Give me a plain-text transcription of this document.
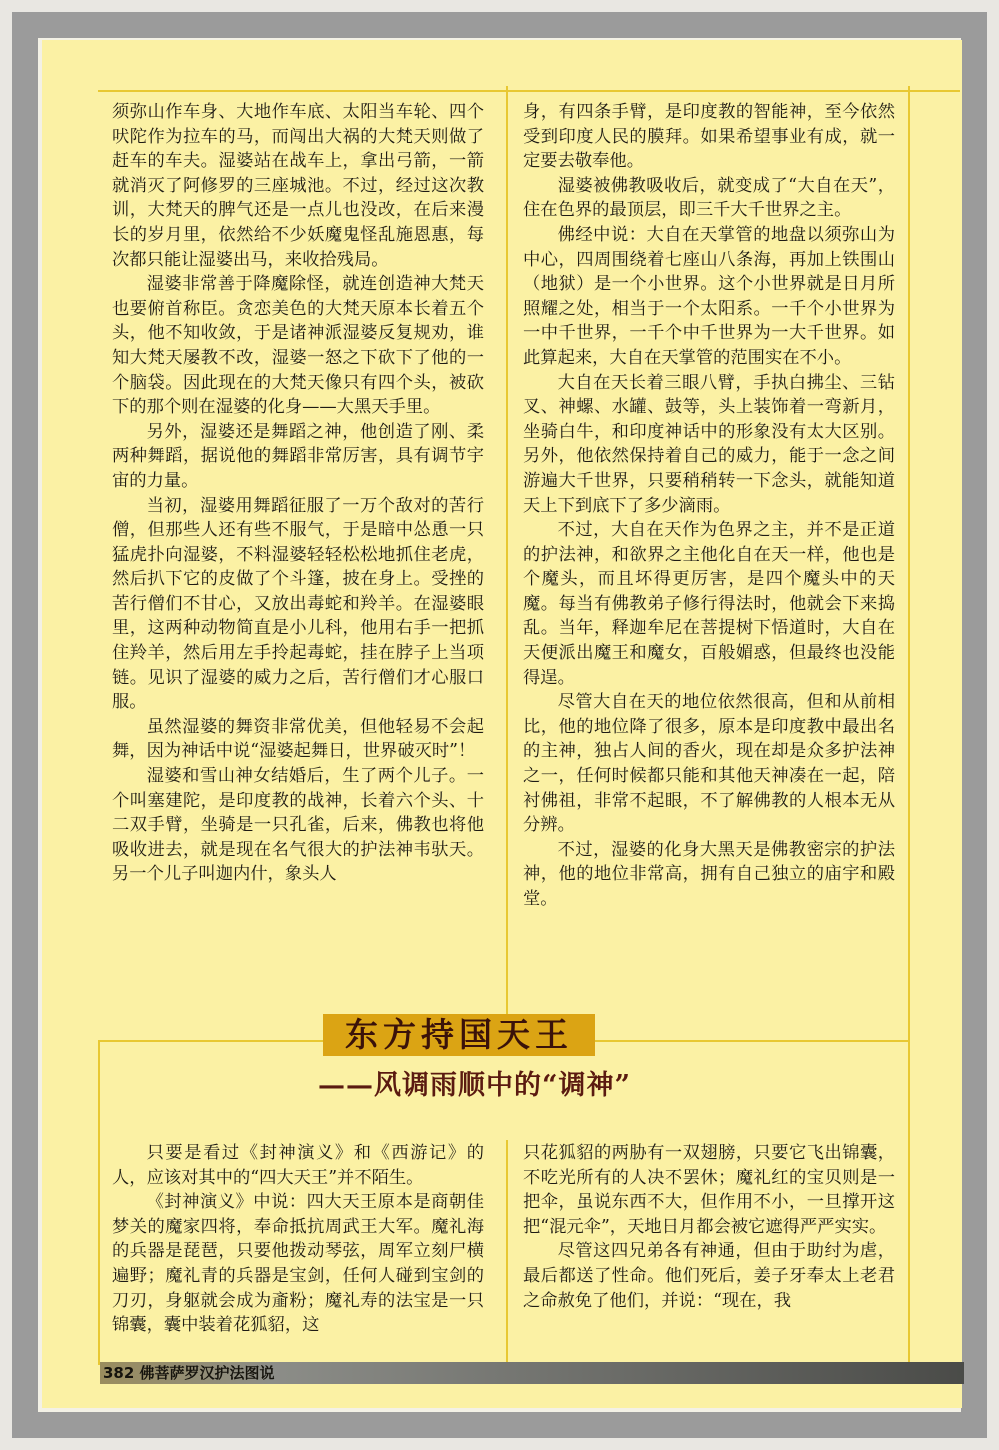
须弥山作车身、大地作车底、太阳当车轮、四个吠陀作为拉车的马，而闯出大祸的大梵天则做了赶车的车夫。湿婆站在战车上，拿出弓箭，一箭就消灭了阿修罗的三座城池。不过，经过这次教训，大梵天的脾气还是一点儿也没改，在后来漫长的岁月里，依然给不少妖魔鬼怪乱施恩惠，每次都只能让湿婆出马，来收拾残局。

湿婆非常善于降魔除怪，就连创造神大梵天也要俯首称臣。贪恋美色的大梵天原本长着五个头，他不知收敛，于是诸神派湿婆反复规劝，谁知大梵天屡教不改，湿婆一怒之下砍下了他的一个脑袋。因此现在的大梵天像只有四个头，被砍下的那个则在湿婆的化身——大黑天手里。

另外，湿婆还是舞蹈之神，他创造了刚、柔两种舞蹈，据说他的舞蹈非常厉害，具有调节宇宙的力量。

当初，湿婆用舞蹈征服了一万个敌对的苦行僧，但那些人还有些不服气，于是暗中怂恿一只猛虎扑向湿婆，不料湿婆轻轻松松地抓住老虎，然后扒下它的皮做了个斗篷，披在身上。受挫的苦行僧们不甘心，又放出毒蛇和羚羊。在湿婆眼里，这两种动物简直是小儿科，他用右手一把抓住羚羊，然后用左手拎起毒蛇，挂在脖子上当项链。见识了湿婆的威力之后，苦行僧们才心服口服。

虽然湿婆的舞资非常优美，但他轻易不会起舞，因为神话中说“湿婆起舞日，世界破灭时”！

湿婆和雪山神女结婚后，生了两个儿子。一个叫塞建陀，是印度教的战神，长着六个头、十二双手臂，坐骑是一只孔雀，后来，佛教也将他吸收进去，就是现在名气很大的护法神韦驮天。另一个儿子叫迦内什，象头人

身，有四条手臂，是印度教的智能神，至今依然受到印度人民的膜拜。如果希望事业有成，就一定要去敬奉他。

湿婆被佛教吸收后，就变成了“大自在天”，住在色界的最顶层，即三千大千世界之主。

佛经中说：大自在天掌管的地盘以须弥山为中心，四周围绕着七座山八条海，再加上铁围山（地狱）是一个小世界。这个小世界就是日月所照耀之处，相当于一个太阳系。一千个小世界为一中千世界，一千个中千世界为一大千世界。如此算起来，大自在天掌管的范围实在不小。

大自在天长着三眼八臂，手执白拂尘、三钻叉、神螺、水罐、鼓等，头上装饰着一弯新月，坐骑白牛，和印度神话中的形象没有太大区别。另外，他依然保持着自己的威力，能于一念之间游遍大千世界，只要稍稍转一下念头，就能知道天上下到底下了多少滴雨。

不过，大自在天作为色界之主，并不是正道的护法神，和欲界之主他化自在天一样，他也是个魔头，而且坏得更厉害，是四个魔头中的天魔。每当有佛教弟子修行得法时，他就会下来捣乱。当年，释迦牟尼在菩提树下悟道时，大自在天便派出魔王和魔女，百般媚惑，但最终也没能得逞。

尽管大自在天的地位依然很高，但和从前相比，他的地位降了很多，原本是印度教中最出名的主神，独占人间的香火，现在却是众多护法神之一，任何时候都只能和其他天神凑在一起，陪衬佛祖，非常不起眼，不了解佛教的人根本无从分辨。

不过，湿婆的化身大黑天是佛教密宗的护法神，他的地位非常高，拥有自己独立的庙宇和殿堂。

东方持国天王
——风调雨顺中的“调神”

只要是看过《封神演义》和《西游记》的人，应该对其中的“四大天王”并不陌生。

《封神演义》中说：四大天王原本是商朝佳梦关的魔家四将，奉命抵抗周武王大军。魔礼海的兵器是琵琶，只要他拨动琴弦，周军立刻尸横遍野；魔礼青的兵器是宝剑，任何人碰到宝剑的刀刃，身躯就会成为齑粉；魔礼寿的法宝是一只锦囊，囊中装着花狐貂，这

只花狐貂的两胁有一双翅膀，只要它飞出锦囊，不吃光所有的人决不罢休；魔礼红的宝贝则是一把伞，虽说东西不大，但作用不小，一旦撑开这把“混元伞”，天地日月都会被它遮得严严实实。

尽管这四兄弟各有神通，但由于助纣为虐，最后都送了性命。他们死后，姜子牙奉太上老君之命赦免了他们，并说：“现在，我

382 佛菩萨罗汉护法图说
